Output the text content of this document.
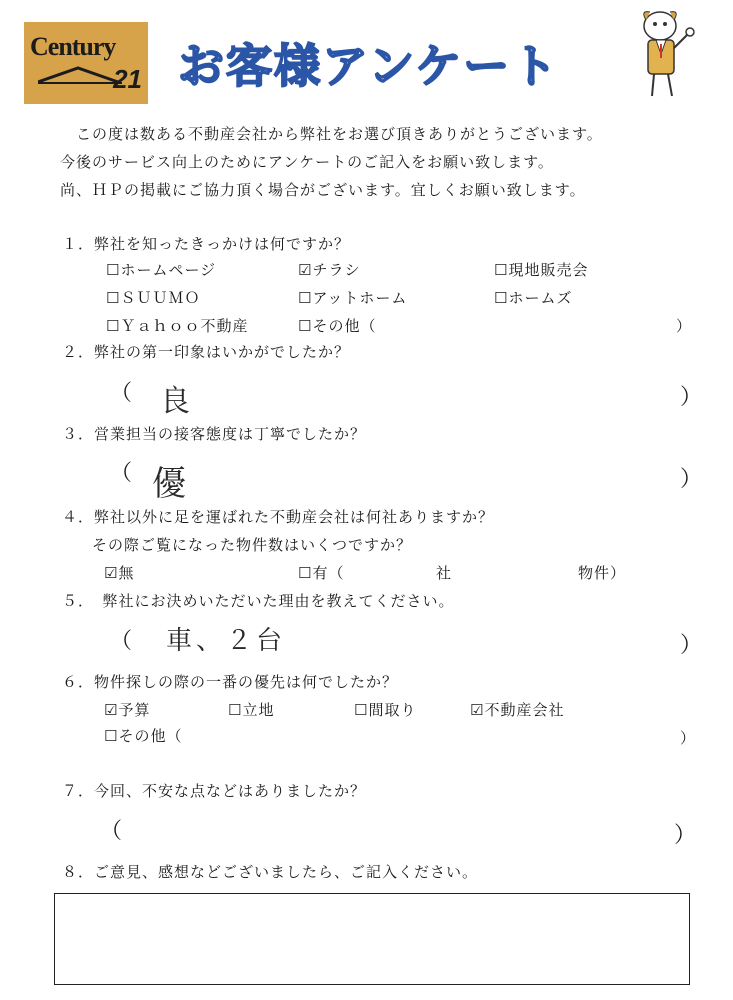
Century
21 お客様アンケート
この度は数ある不動産会社から弊社をお選び頂きありがとうございます。
今後のサービス向上のためにアンケートのご記入をお願い致します。
尚、ＨＰの掲載にご協力頂く場合がございます。宜しくお願い致します。
１．弊社を知ったきっかけは何ですか？
☐ホームページ	☑チラシ	☐現地販売会
☐ＳＵＵＭＯ	☐アットホーム	☐ホームズ
☐Ｙａｈｏｏ不動産	☐その他（	）
２．弊社の第一印象はいかがでしたか？
（ 良	）
３．営業担当の接客態度は丁寧でしたか？
（ 優	）
４．弊社以外に足を運ばれた不動産会社は何社ありますか？
その際ご覧になった物件数はいくつですか？
☑無	☐有（	社	物件）
５．　弊社にお決めいただいた理由を教えてください。
（ 車、２台	）
６．物件探しの際の一番の優先は何でしたか？
☑予算	☐立地	☐間取り	☑不動産会社
☐その他（	）
７．今回、不安な点などはありましたか？
（	）
８．ご意見、感想などございましたら、ご記入ください。
